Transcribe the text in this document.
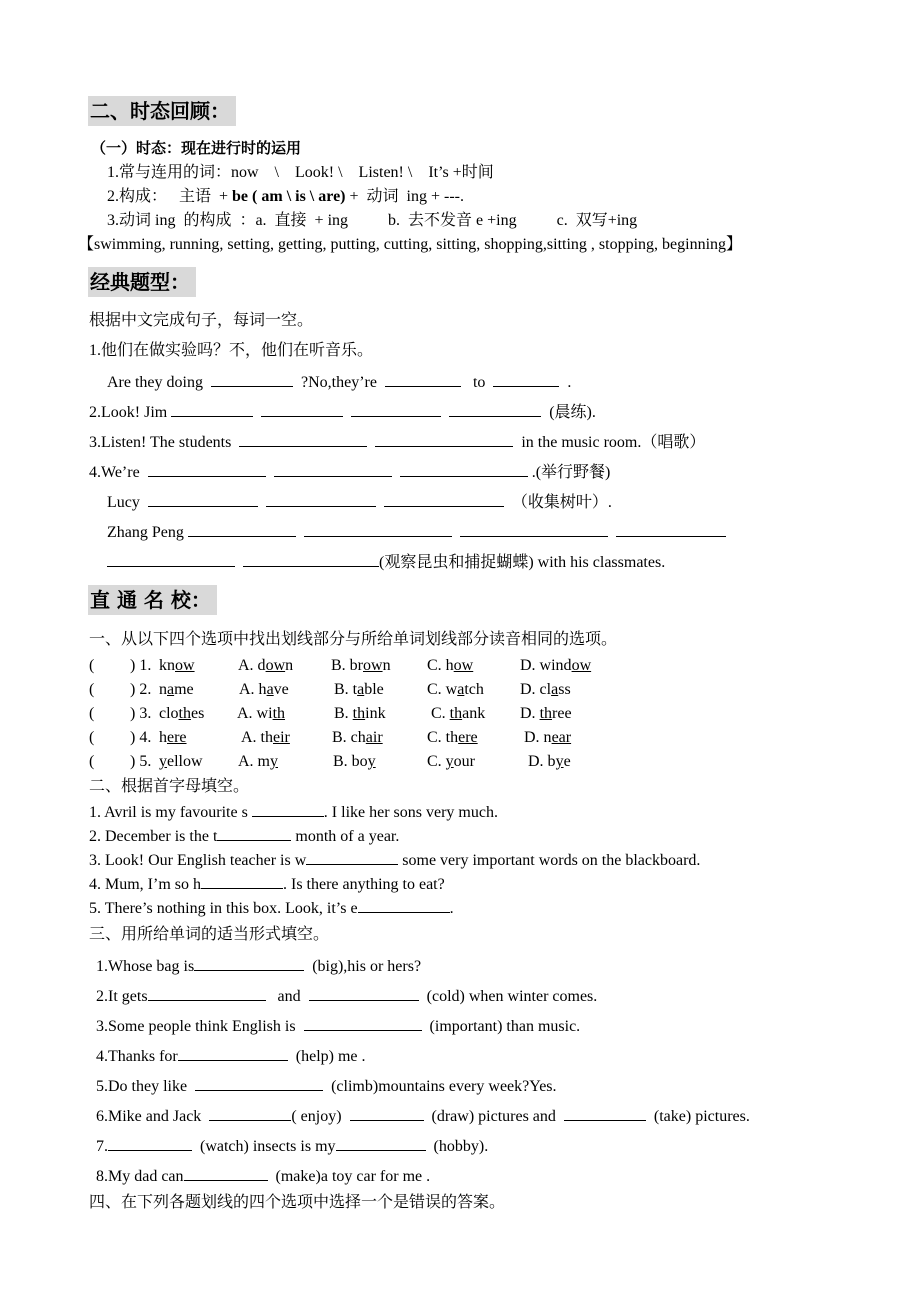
二、时态回顾：
（一）时态：现在进行时的运用
1.常与连用的词：now    \    Look! \    Listen! \    It’s +时间
2.构成：   主语  + be ( am \ is \ are) +  动词  ing + ---.
3.动词 ing  的构成  ：a.  直接  + ing          b.  去不发音 e +ing          c.  双写+ing
【swimming, running, setting, getting, putting, cutting, sitting, shopping,sitting , stopping, beginning】
经典题型：
根据中文完成句子，每词一空。
1.他们在做实验吗？不，他们在听音乐。
Are they doing	?No,they’re	to	.
2.Look! Jim	(晨练).
3.Listen! The students	in the music room.（唱歌）
4.We’re	.(举行野餐)
Lucy	（收集树叶）.
Zhang Peng
(观察昆虫和捕捉蝴蝶) with his classmates.
直 通 名 校：
一、从以下四个选项中找出划线部分与所给单词划线部分读音相同的选项。
( ) 1. know	A. down B. brown C. how	D. window
( ) 2. name	A. have	B. table	C. watch D. class
( ) 3. clothes A. with	B. think	C. thank D. three
( ) 4. here	A. their	B. chair	C. there	D. near
( ) 5. yellow A. my	B. boy	C. your	D. bye
二、根据首字母填空。
1. Avril is my favourite s	. I like her sons very much.
2. December is the t	month of a year.
3. Look! Our English teacher is w	some very important words on the blackboard.
4. Mum, I’m so h	. Is there anything to eat?
5. There’s nothing in this box. Look, it’s e	.
三、用所给单词的适当形式填空。
1.Whose bag is	(big),his or hers?
2.It gets	and	(cold) when winter comes.
3.Some people think English is	(important) than music.
4.Thanks for	(help) me .
5.Do they like	(climb)mountains every week?Yes.
6.Mike and Jack	( enjoy)	(draw) pictures and	(take) pictures.
7.	(watch) insects is my	(hobby).
8.My dad can	(make)a toy car for me .
四、在下列各题划线的四个选项中选择一个是错误的答案。
